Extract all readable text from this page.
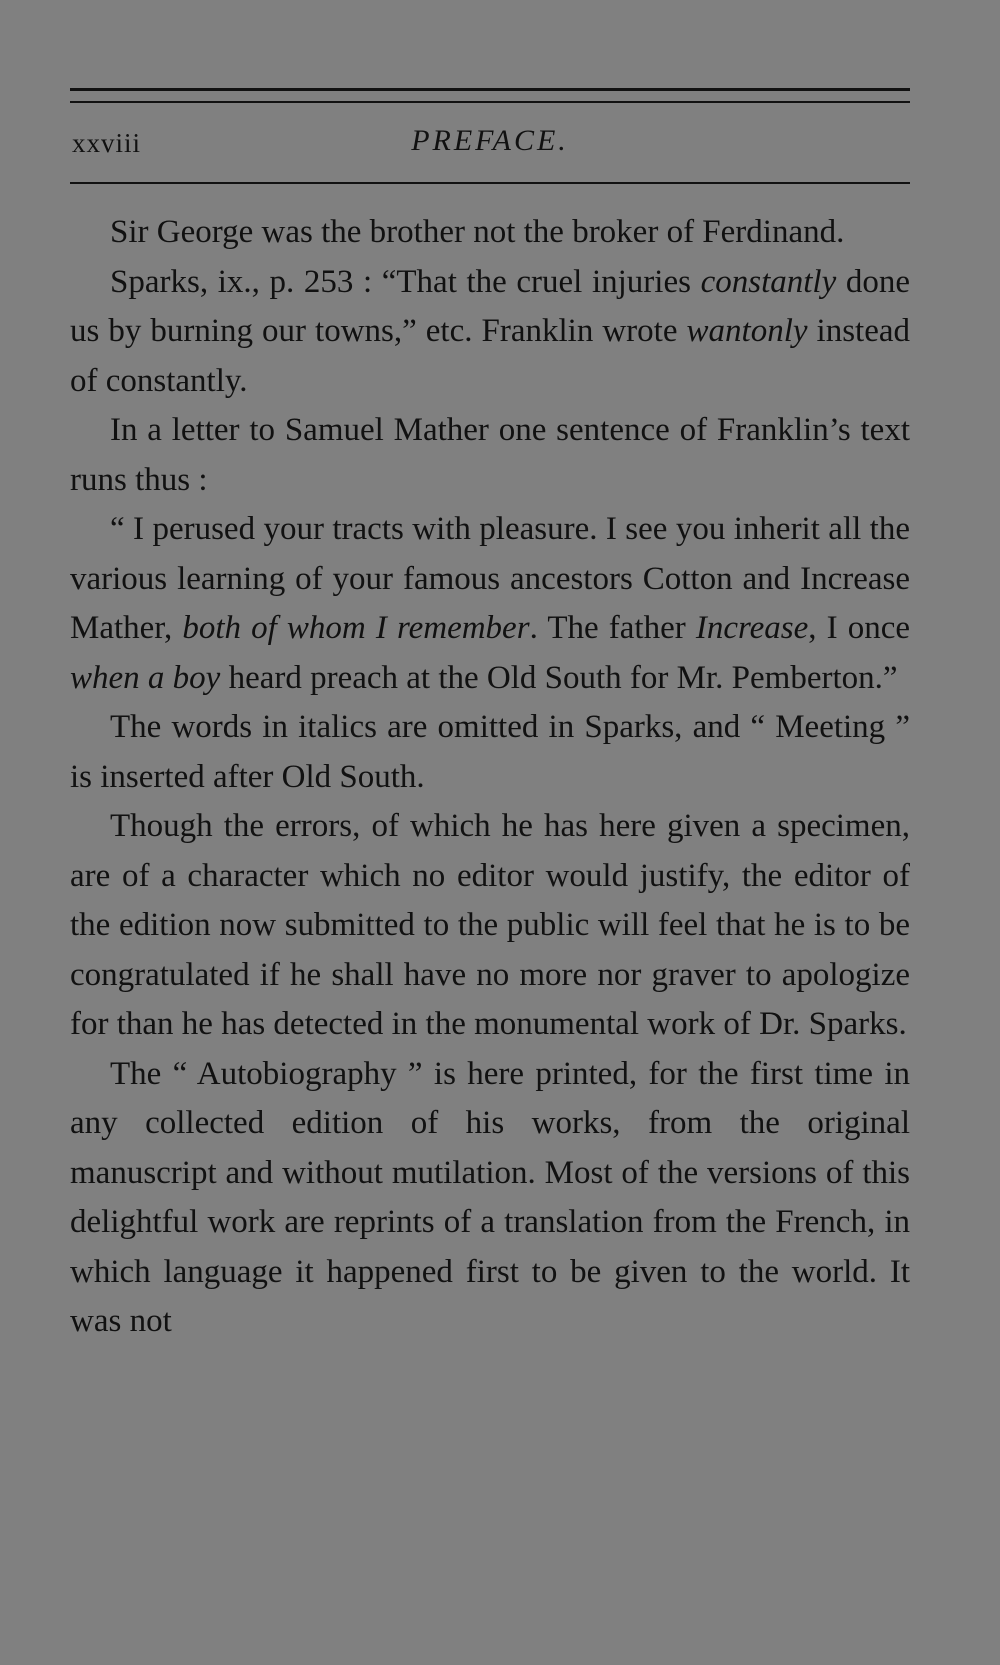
xxviii	PREFACE.

Sir George was the brother not the broker of Ferdinand.

Sparks, ix., p. 253 : “That the cruel injuries constantly done us by burning our towns,” etc. Franklin wrote wantonly instead of constantly.

In a letter to Samuel Mather one sentence of Franklin’s text runs thus :

“ I perused your tracts with pleasure. I see you inherit all the various learning of your famous ancestors Cotton and Increase Mather, both of whom I remember. The father Increase, I once when a boy heard preach at the Old South for Mr. Pemberton.”

The words in italics are omitted in Sparks, and “ Meeting ” is inserted after Old South.

Though the errors, of which he has here given a specimen, are of a character which no editor would justify, the editor of the edition now submitted to the public will feel that he is to be congratulated if he shall have no more nor graver to apologize for than he has detected in the monumental work of Dr. Sparks.

The “ Autobiography ” is here printed, for the first time in any collected edition of his works, from the original manuscript and without mutilation. Most of the versions of this delightful work are reprints of a translation from the French, in which language it happened first to be given to the world. It was not
